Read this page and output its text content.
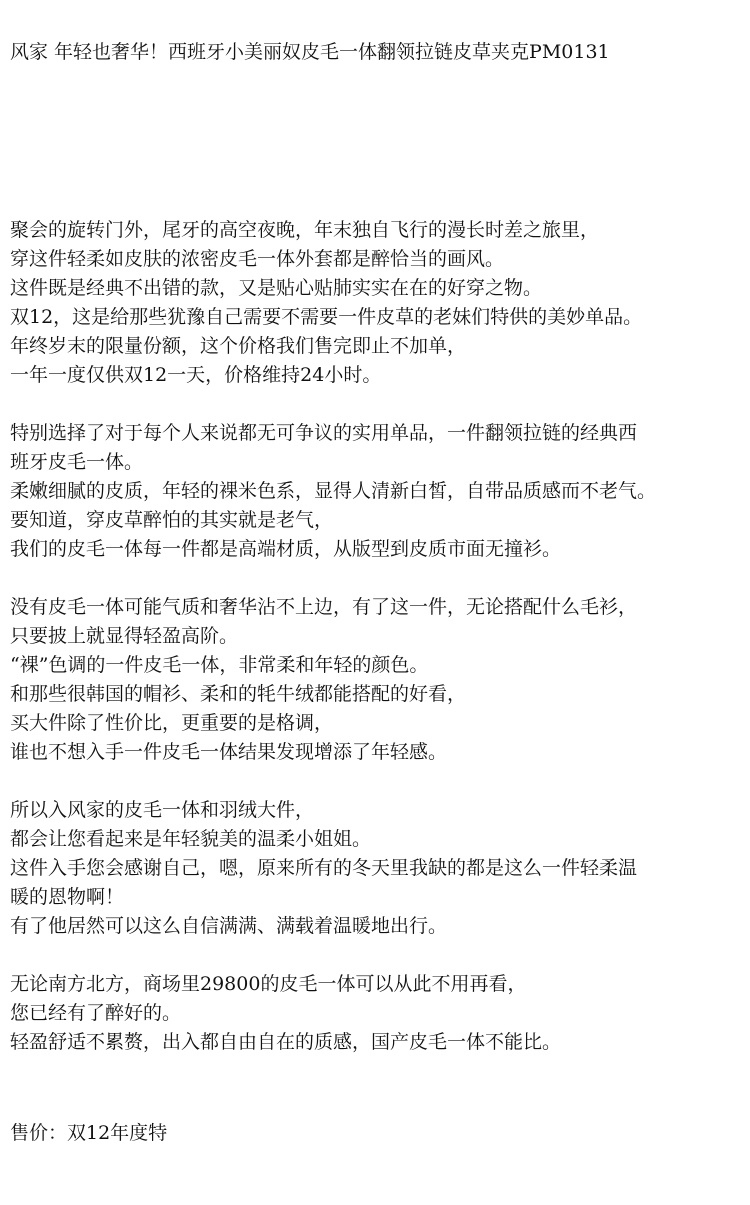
风家 年轻也奢华！西班牙小美丽奴皮毛一体翻领拉链皮草夹克PM0131
聚会的旋转门外，尾牙的高空夜晚，年末独自飞行的漫长时差之旅里，
穿这件轻柔如皮肤的浓密皮毛一体外套都是醉恰当的画风。
这件既是经典不出错的款，又是贴心贴肺实实在在的好穿之物。
双12，这是给那些犹豫自己需要不需要一件皮草的老妹们特供的美妙单品。
年终岁末的限量份额，这个价格我们售完即止不加单，
一年一度仅供双12一天，价格维持24小时。
特别选择了对于每个人来说都无可争议的实用单品，一件翻领拉链的经典西
班牙皮毛一体。
柔嫩细腻的皮质，年轻的裸米色系，显得人清新白皙，自带品质感而不老气。
要知道，穿皮草醉怕的其实就是老气，
我们的皮毛一体每一件都是高端材质，从版型到皮质市面无撞衫。
没有皮毛一体可能气质和奢华沾不上边，有了这一件，无论搭配什么毛衫，
只要披上就显得轻盈高阶。
“裸”色调的一件皮毛一体，非常柔和年轻的颜色。
和那些很韩国的帽衫、柔和的牦牛绒都能搭配的好看，
买大件除了性价比，更重要的是格调，
谁也不想入手一件皮毛一体结果发现增添了年轻感。
所以入风家的皮毛一体和羽绒大件，
都会让您看起来是年轻貌美的温柔小姐姐。
这件入手您会感谢自己，嗯，原来所有的冬天里我缺的都是这么一件轻柔温
暖的恩物啊！
有了他居然可以这么自信满满、满载着温暖地出行。
无论南方北方，商场里29800的皮毛一体可以从此不用再看，
您已经有了醉好的。
轻盈舒适不累赘，出入都自由自在的质感，国产皮毛一体不能比。
售价：双12年度特
